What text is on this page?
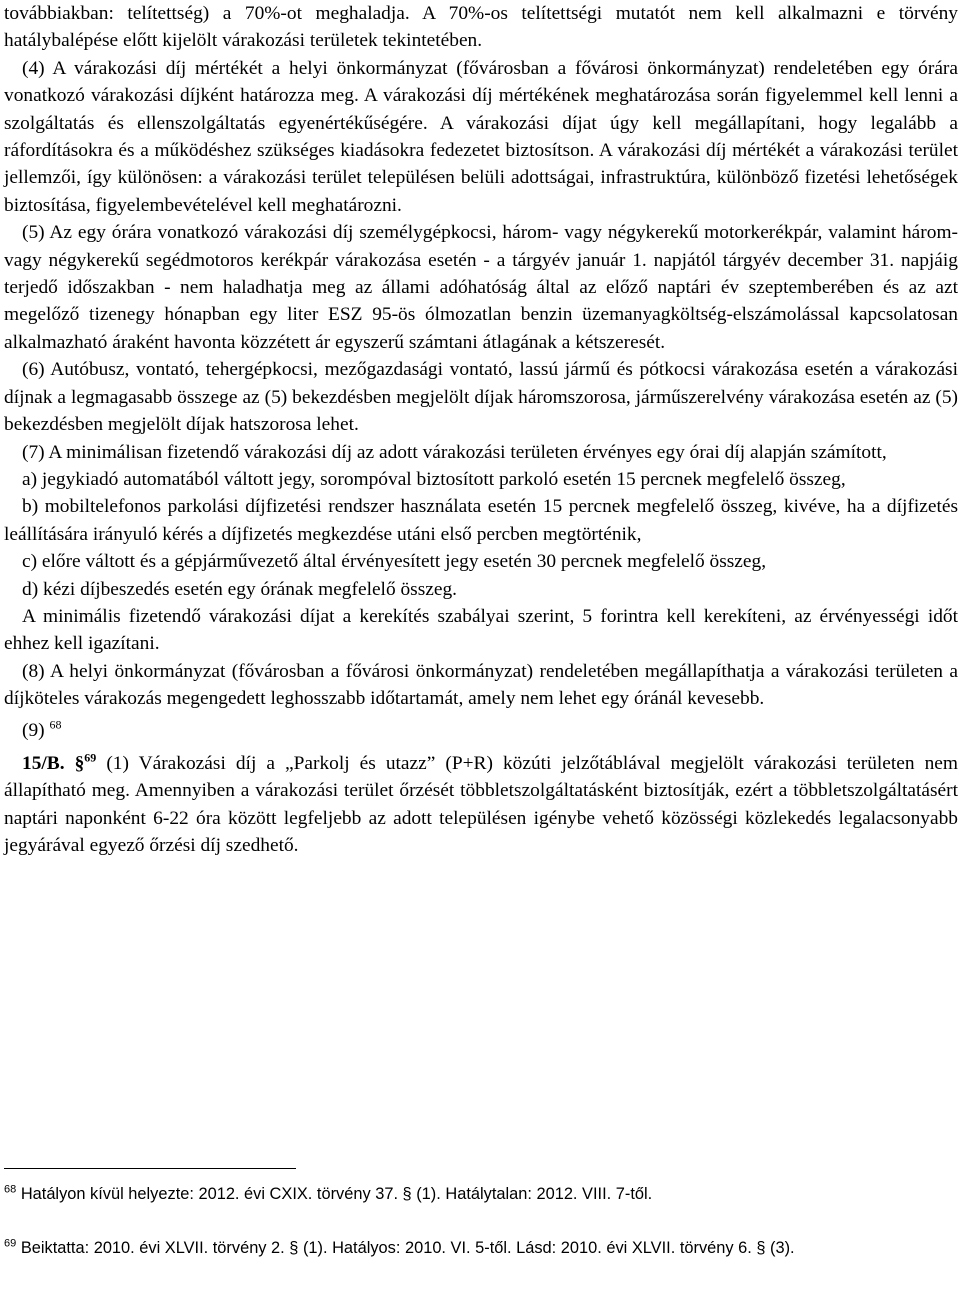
továbbiakban: telítettség) a 70%-ot meghaladja. A 70%-os telítettségi mutatót nem kell alkalmazni e törvény hatálybalépése előtt kijelölt várakozási területek tekintetében.

(4) A várakozási díj mértékét a helyi önkormányzat (fővárosban a fővárosi önkormányzat) rendeletében egy órára vonatkozó várakozási díjként határozza meg. A várakozási díj mértékének meghatározása során figyelemmel kell lenni a szolgáltatás és ellenszolgáltatás egyenértékűségére. A várakozási díjat úgy kell megállapítani, hogy legalább a ráfordításokra és a működéshez szükséges kiadásokra fedezetet biztosítson. A várakozási díj mértékét a várakozási terület jellemzői, így különösen: a várakozási terület településen belüli adottságai, infrastruktúra, különböző fizetési lehetőségek biztosítása, figyelembevételével kell meghatározni.

(5) Az egy órára vonatkozó várakozási díj személygépkocsi, három- vagy négykerekű motorkerékpár, valamint három- vagy négykerekű segédmotoros kerékpár várakozása esetén - a tárgyév január 1. napjától tárgyév december 31. napjáig terjedő időszakban - nem haladhatja meg az állami adóhatóság által az előző naptári év szeptemberében és az azt megelőző tizenegy hónapban egy liter ESZ 95-ös ólmozatlan benzin üzemanyagköltség-elszámolással kapcsolatosan alkalmazható áraként havonta közzétett ár egyszerű számtani átlagának a kétszeresét.

(6) Autóbusz, vontató, tehergépkocsi, mezőgazdasági vontató, lassú jármű és pótkocsi várakozása esetén a várakozási díjnak a legmagasabb összege az (5) bekezdésben megjelölt díjak háromszorosa, járműszerelvény várakozása esetén az (5) bekezdésben megjelölt díjak hatszorosa lehet.

(7) A minimálisan fizetendő várakozási díj az adott várakozási területen érvényes egy órai díj alapján számított,

a) jegykiadó automatából váltott jegy, sorompóval biztosított parkoló esetén 15 percnek megfelelő összeg,

b) mobiltelefonos parkolási díjfizetési rendszer használata esetén 15 percnek megfelelő összeg, kivéve, ha a díjfizetés leállítására irányuló kérés a díjfizetés megkezdése utáni első percben megtörténik,

c) előre váltott és a gépjárművezető által érvényesített jegy esetén 30 percnek megfelelő összeg,

d) kézi díjbeszedés esetén egy órának megfelelő összeg.

A minimális fizetendő várakozási díjat a kerekítés szabályai szerint, 5 forintra kell kerekíteni, az érvényességi időt ehhez kell igazítani.

(8) A helyi önkormányzat (fővárosban a fővárosi önkormányzat) rendeletében megállapíthatja a várakozási területen a díjköteles várakozás megengedett leghosszabb időtartamát, amely nem lehet egy óránál kevesebb.

(9) $^{68}$

15/B. §$^{69}$ (1) Várakozási díj a „Parkolj és utazz” (P+R) közúti jelzőtáblával megjelölt várakozási területen nem állapítható meg. Amennyiben a várakozási terület őrzését többletszolgáltatásként biztosítják, ezért a többletszolgáltatásért naptári naponként 6-22 óra között legfeljebb az adott településen igénybe vehető közösségi közlekedés legalacsonyabb jegyárával egyező őrzési díj szedhető.

$^{68}$ Hatályon kívül helyezte: 2012. évi CXIX. törvény 37. § (1). Hatálytalan: 2012. VIII. 7-től.

$^{69}$ Beiktatta: 2010. évi XLVII. törvény 2. § (1). Hatályos: 2010. VI. 5-től. Lásd: 2010. évi XLVII. törvény 6. § (3).
